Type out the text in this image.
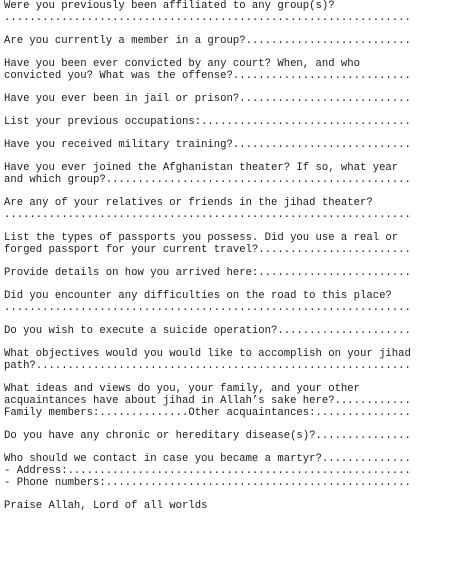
Were you previously been affiliated to any group(s)?
................................................................
Are you currently a member in a group?..........................
Have you been ever convicted by any court? When, and who
convicted you? What was the offense?............................
Have you ever been in jail or prison?...........................
List your previous occupations:.................................
Have you received military training?............................
Have you ever joined the Afghanistan theater? If so, what year
and which group?................................................
Are any of your relatives or friends in the jihad theater?
................................................................
List the types of passports you possess. Did you use a real or
forged passport for your current travel?........................
Provide details on how you arrived here:........................
Did you encounter any difficulties on the road to this place?
................................................................
Do you wish to execute a suicide operation?.....................
What objectives would you would like to accomplish on your jihad
path?...........................................................
What ideas and views do you, your family, and your other
acquaintances have about jihad in Allah’s sake here?............
Family members:..............Other acquaintances:...............
Do you have any chronic or hereditary disease(s)?...............
Who should we contact in case you became a martyr?..............
- Address:......................................................
- Phone numbers:................................................
Praise Allah, Lord of all worlds
